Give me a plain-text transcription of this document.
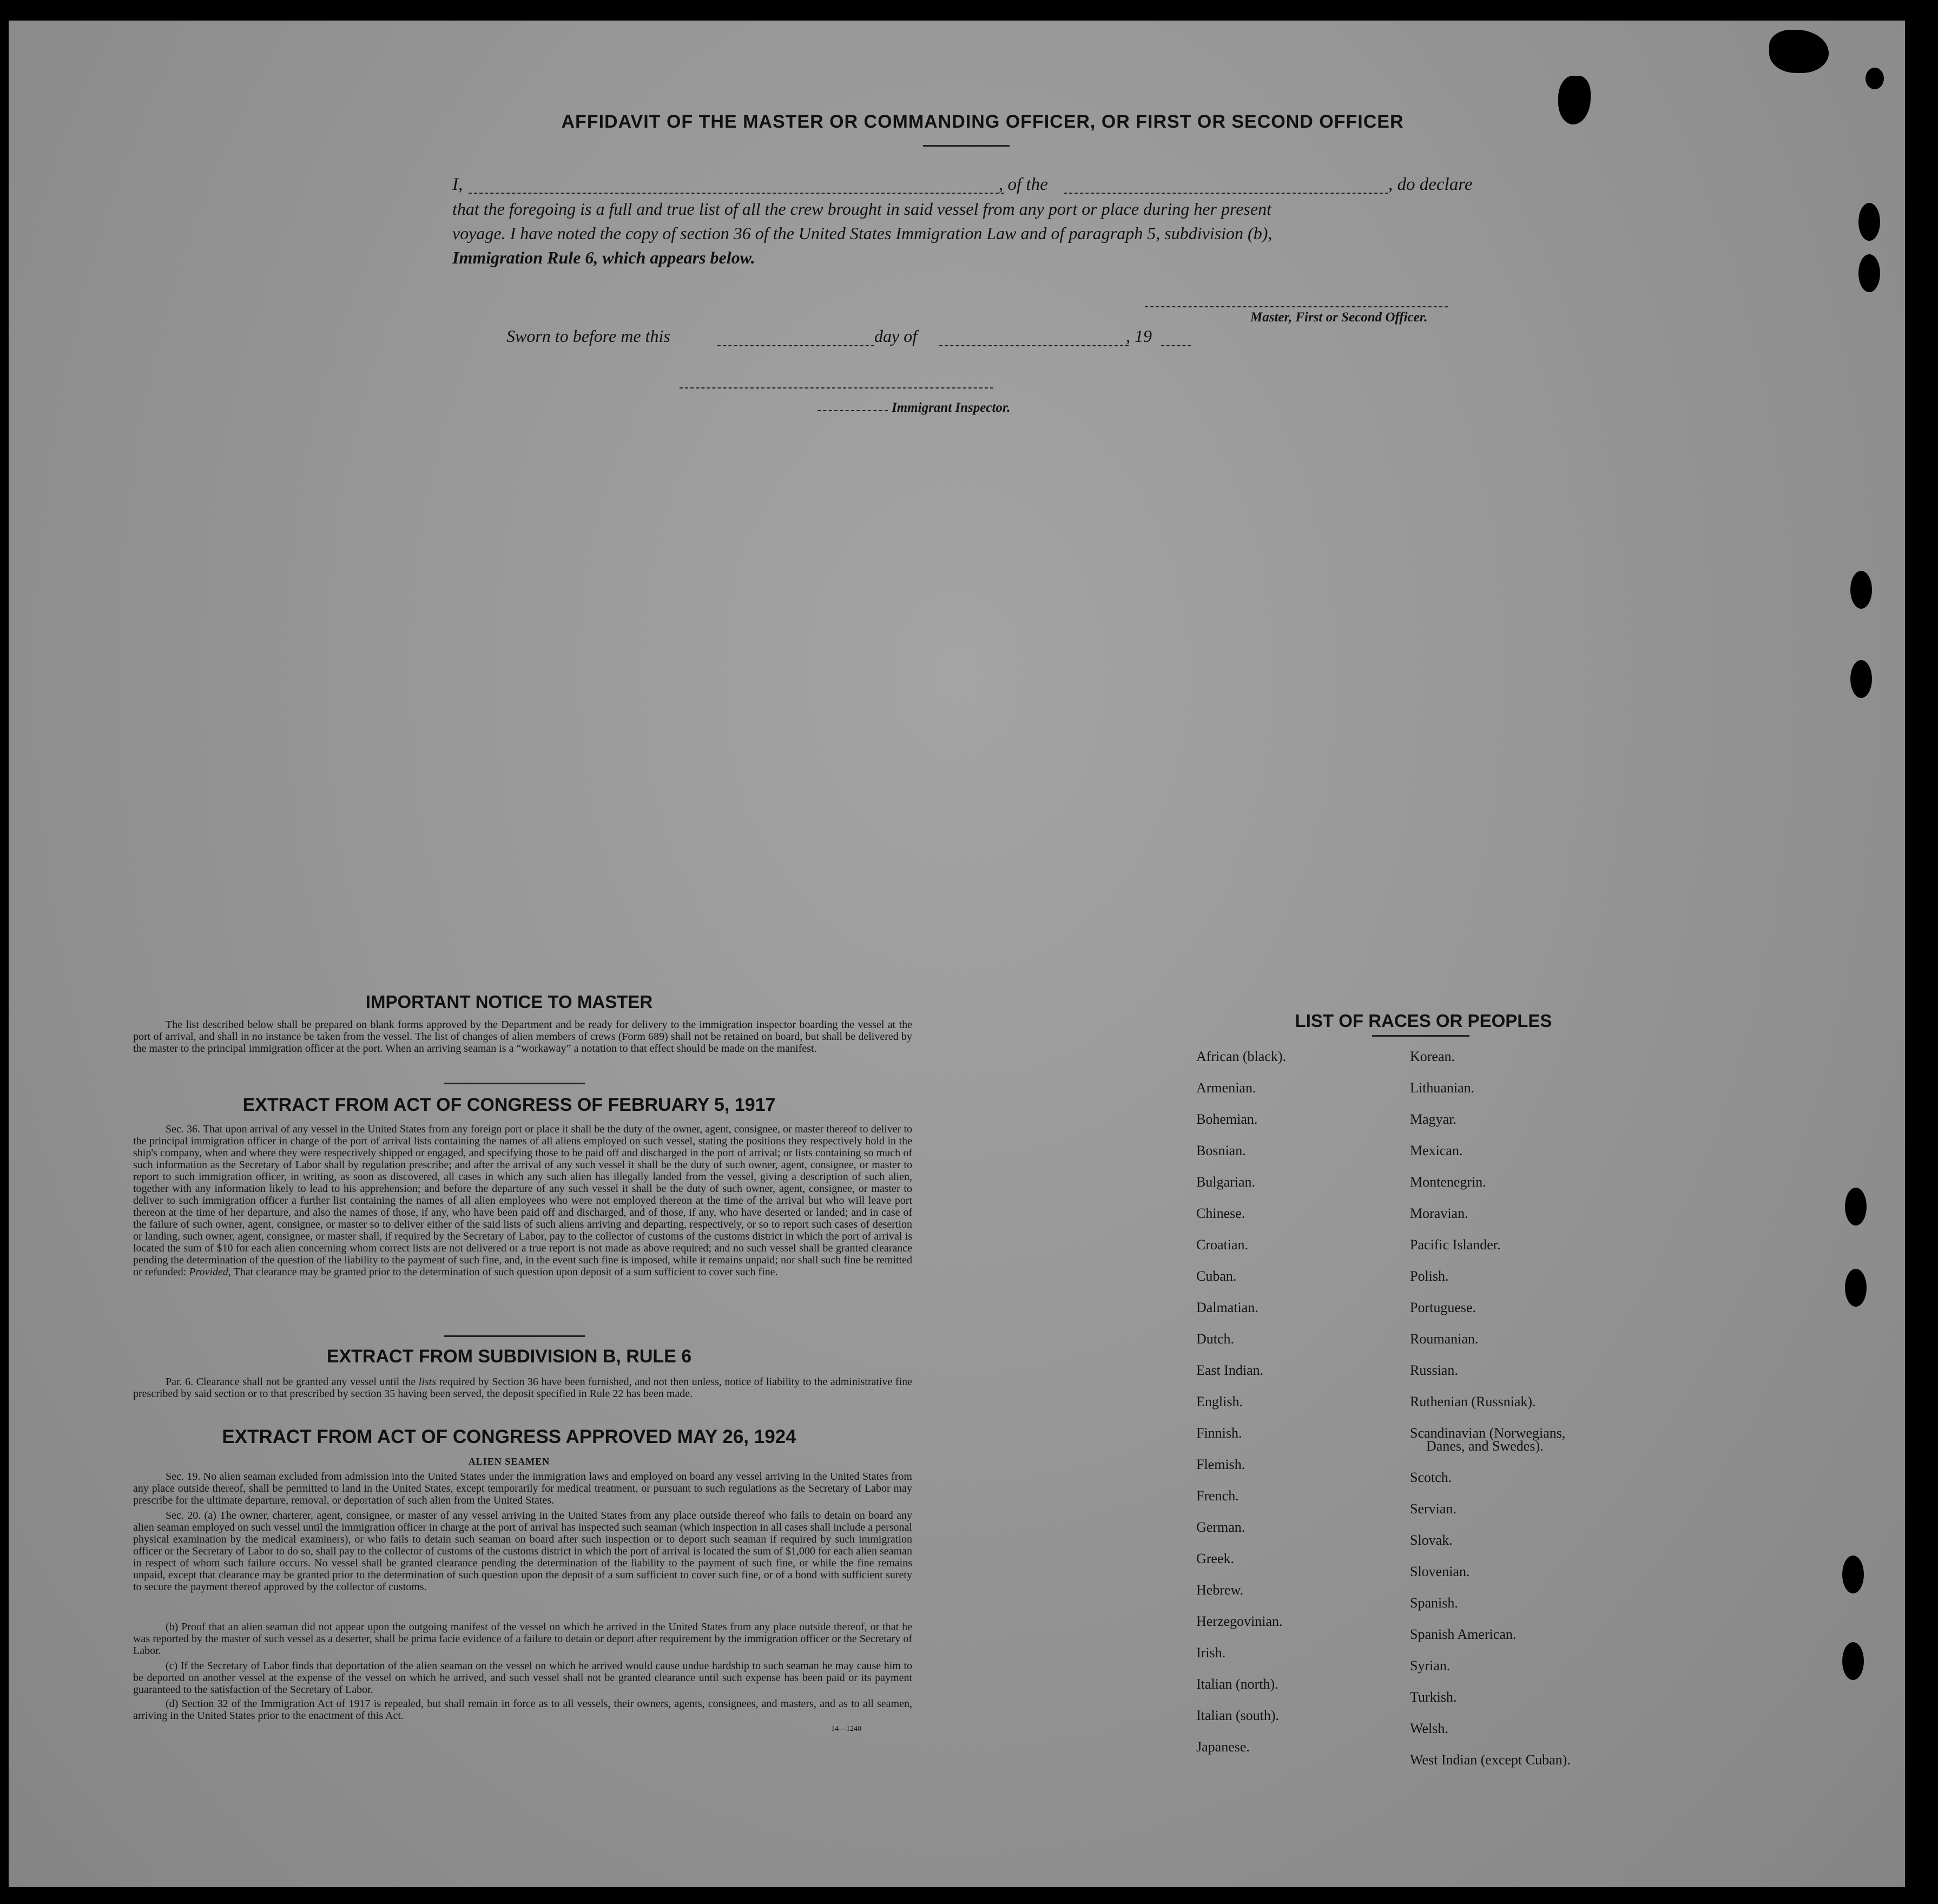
AFFIDAVIT OF THE MASTER OR COMMANDING OFFICER, OR FIRST OR SECOND OFFICER
I,	, of the	, do declare
that the foregoing is a full and true list of all the crew brought in said vessel from any port or place during her present
voyage. I have noted the copy of section 36 of the United States Immigration Law and of paragraph 5, subdivision (b),
Immigration Rule 6, which appears below.
Master, First or Second Officer.
Sworn to before me this	day of	, 19
Immigrant Inspector.
IMPORTANT NOTICE TO MASTER
The list described below shall be prepared on blank forms approved by the Department and be ready for delivery to the immigration inspector boarding the vessel at the port of arrival, and shall in no instance be taken from the vessel. The list of changes of alien members of crews (Form 689) shall not be retained on board, but shall be delivered by the master to the principal immigration officer at the port. When an arriving seaman is a “workaway” a notation to that effect should be made on the manifest.
EXTRACT FROM ACT OF CONGRESS OF FEBRUARY 5, 1917
Sec. 36. That upon arrival of any vessel in the United States from any foreign port or place it shall be the duty of the owner, agent, consignee, or master thereof to deliver to the principal immigration officer in charge of the port of arrival lists containing the names of all aliens employed on such vessel, stating the positions they respectively hold in the ship's company, when and where they were respectively shipped or engaged, and specifying those to be paid off and discharged in the port of arrival; or lists containing so much of such information as the Secretary of Labor shall by regulation prescribe; and after the arrival of any such vessel it shall be the duty of such owner, agent, consignee, or master to report to such immigration officer, in writing, as soon as discovered, all cases in which any such alien has illegally landed from the vessel, giving a description of such alien, together with any information likely to lead to his apprehension; and before the departure of any such vessel it shall be the duty of such owner, agent, consignee, or master to deliver to such immigration officer a further list containing the names of all alien employees who were not employed thereon at the time of the arrival but who will leave port thereon at the time of her departure, and also the names of those, if any, who have been paid off and discharged, and of those, if any, who have deserted or landed; and in case of the failure of such owner, agent, consignee, or master so to deliver either of the said lists of such aliens arriving and departing, respectively, or so to report such cases of desertion or landing, such owner, agent, consignee, or master shall, if required by the Secretary of Labor, pay to the collector of customs of the customs district in which the port of arrival is located the sum of $10 for each alien concerning whom correct lists are not delivered or a true report is not made as above required; and no such vessel shall be granted clearance pending the determination of the question of the liability to the payment of such fine, and, in the event such fine is imposed, while it remains unpaid; nor shall such fine be remitted or refunded: Provided, That clearance may be granted prior to the determination of such question upon deposit of a sum sufficient to cover such fine.
EXTRACT FROM SUBDIVISION B, RULE 6
Par. 6. Clearance shall not be granted any vessel until the lists required by Section 36 have been furnished, and not then unless, notice of liability to the administrative fine prescribed by said section or to that prescribed by section 35 having been served, the deposit specified in Rule 22 has been made.
EXTRACT FROM ACT OF CONGRESS APPROVED MAY 26, 1924
ALIEN SEAMEN
Sec. 19. No alien seaman excluded from admission into the United States under the immigration laws and employed on board any vessel arriving in the United States from any place outside thereof, shall be permitted to land in the United States, except temporarily for medical treatment, or pursuant to such regulations as the Secretary of Labor may prescribe for the ultimate departure, removal, or deportation of such alien from the United States.
Sec. 20. (a) The owner, charterer, agent, consignee, or master of any vessel arriving in the United States from any place outside thereof who fails to detain on board any alien seaman employed on such vessel until the immigration officer in charge at the port of arrival has inspected such seaman (which inspection in all cases shall include a personal physical examination by the medical examiners), or who fails to detain such seaman on board after such inspection or to deport such seaman if required by such immigration officer or the Secretary of Labor to do so, shall pay to the collector of customs of the customs district in which the port of arrival is located the sum of $1,000 for each alien seaman in respect of whom such failure occurs. No vessel shall be granted clearance pending the determination of the liability to the payment of such fine, or while the fine remains unpaid, except that clearance may be granted prior to the determination of such question upon the deposit of a sum sufficient to cover such fine, or of a bond with sufficient surety to secure the payment thereof approved by the collector of customs.
(b) Proof that an alien seaman did not appear upon the outgoing manifest of the vessel on which he arrived in the United States from any place outside thereof, or that he was reported by the master of such vessel as a deserter, shall be prima facie evidence of a failure to detain or deport after requirement by the immigration officer or the Secretary of Labor.
(c) If the Secretary of Labor finds that deportation of the alien seaman on the vessel on which he arrived would cause undue hardship to such seaman he may cause him to be deported on another vessel at the expense of the vessel on which he arrived, and such vessel shall not be granted clearance until such expense has been paid or its payment guaranteed to the satisfaction of the Secretary of Labor.
(d) Section 32 of the Immigration Act of 1917 is repealed, but shall remain in force as to all vessels, their owners, agents, consignees, and masters, and as to all seamen, arriving in the United States prior to the enactment of this Act.
14—1240
LIST OF RACES OR PEOPLES
African (black).
Armenian.
Bohemian.
Bosnian.
Bulgarian.
Chinese.
Croatian.
Cuban.
Dalmatian.
Dutch.
East Indian.
English.
Finnish.
Flemish.
French.
German.
Greek.
Hebrew.
Herzegovinian.
Irish.
Italian (north).
Italian (south).
Japanese.
Korean.
Lithuanian.
Magyar.
Mexican.
Montenegrin.
Moravian.
Pacific Islander.
Polish.
Portuguese.
Roumanian.
Russian.
Ruthenian (Russniak).
Scandinavian (Norwegians,
Danes, and Swedes).
Scotch.
Servian.
Slovak.
Slovenian.
Spanish.
Spanish American.
Syrian.
Turkish.
Welsh.
West Indian (except Cuban).
